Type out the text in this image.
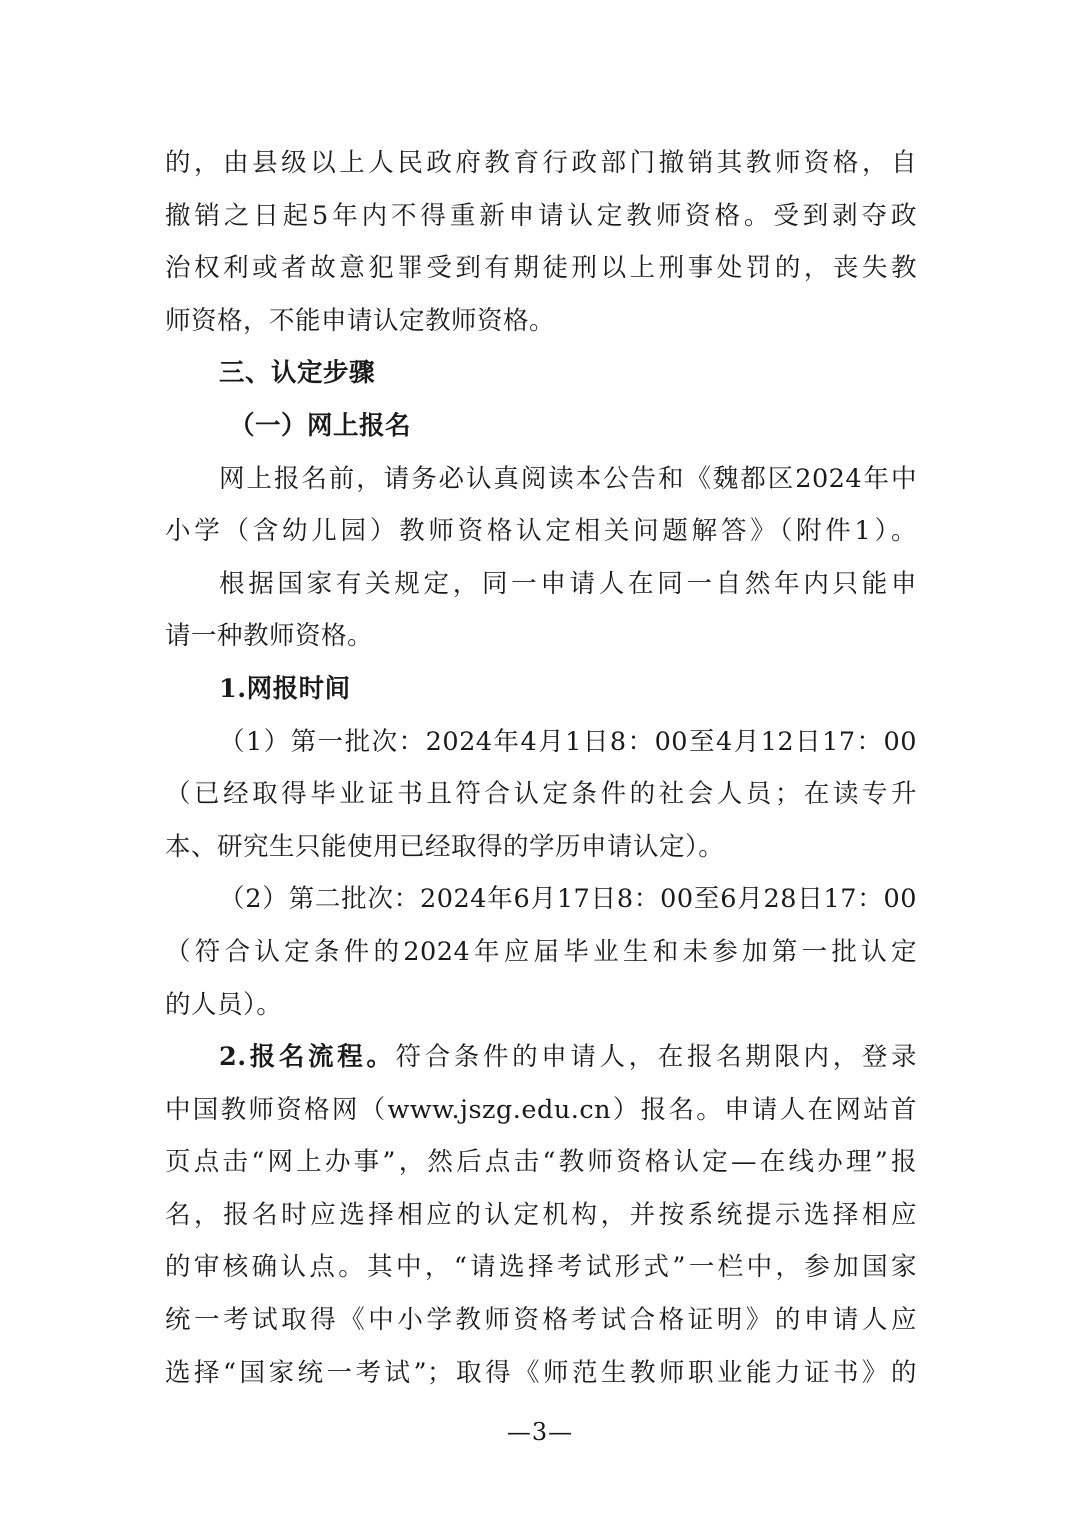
的，由县级以上人民政府教育行政部门撤销其教师资格，自
撤销之日起5年内不得重新申请认定教师资格。受到剥夺政
治权利或者故意犯罪受到有期徒刑以上刑事处罚的，丧失教
师资格，不能申请认定教师资格。
三、认定步骤
（一）网上报名
网上报名前，请务必认真阅读本公告和《魏都区2024年中
小学（含幼儿园）教师资格认定相关问题解答》（附件1）。
根据国家有关规定，同一申请人在同一自然年内只能申
请一种教师资格。
1.网报时间
（1）第一批次：2024年4月1日8：00至4月12日17：00
（已经取得毕业证书且符合认定条件的社会人员；在读专升
本、研究生只能使用已经取得的学历申请认定）。
（2）第二批次：2024年6月17日8：00至6月28日17：00
（符合认定条件的2024年应届毕业生和未参加第一批认定
的人员）。
2.报名流程。符合条件的申请人，在报名期限内，登录
中国教师资格网（www.jszg.edu.cn）报名。申请人在网站首
页点击“网上办事”，然后点击“教师资格认定—在线办理”报
名，报名时应选择相应的认定机构，并按系统提示选择相应
的审核确认点。其中，“请选择考试形式”一栏中，参加国家
统一考试取得《中小学教师资格考试合格证明》的申请人应
选择“国家统一考试”；取得《师范生教师职业能力证书》的
—3—
